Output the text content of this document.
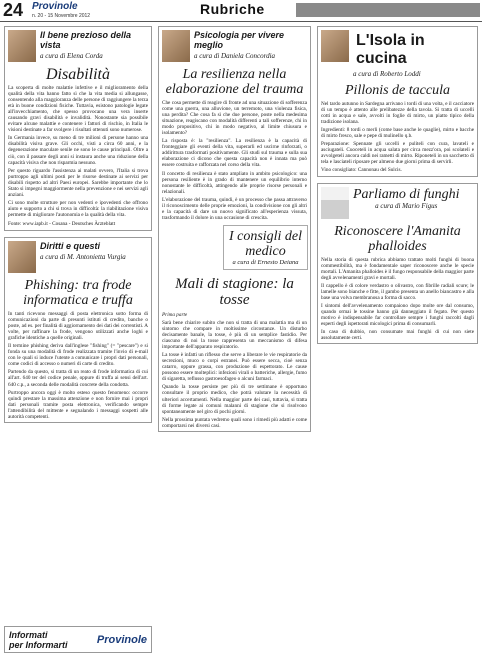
24 Provinole
n. 20 - 15 Novembre 2012	Rubriche
Il bene prezioso della vista
a cura di Elena Corda
Disabilità

La scoperta di molte malattie infettive e il miglioramento della qualità della vita hanno fatto sì che la vita media si allungasse, consentendo alla maggioranza delle persone di raggiungere la terza età in buone condizioni fisiche. Tuttavia, esistono patologie legate all'invecchiamento, che spesso provocano una vera inserte causando gravi disabilità e invalidità. Nonostante sia possibile evitare alcune malattie e contenere i fattori di rischio, in Italia le visioni destinate a far svolgere i risultati ottenuti sono numerose.

In Germania invece, su meno di tre milioni di persone hanno una disabilità visiva grave. Gli occhi, visti a circa 60 anni, e la degenerazione maculare senile ne sono le cause principali. Oltre a ciò, con il passare degli anni si instaura anche una riduzione della capacità visiva che non risparmia nessuno.

Per questo riguardo l'assistenza ai malati ovvero, l'Italia si trova purtroppo agli ultimi posti per le risorse destinate ai servizi per disabili rispetto ad altri Paesi europei. Sarebbe importante che lo Stato si impegni maggiormente nella prevenzione e nei servizi agli anziani.

Ci sono molte strutture per non vedenti e ipovedenti che offrono aiuto e supporto a chi si trova in difficoltà: la riabilitazione visiva permette di migliorare l'autonomia e la qualità della vita.

Fonte: www.iapb.it - Cosana - Deutsches Ärzteblatt
Diritti e questi
a cura di M. Antonietta Vurgia
Phishing: tra frode informatica e truffa

In tanti ricevono messaggi di posta elettronica sotto forma di comunicazioni da parte di presunti istituti di credito, banche o poste, ad es. per finalità di aggiornamento dei dati dei correntisti. A volte, per raffinare la frode, vengono utilizzati anche loghi e grafiche identiche a quelle originali.

Il termine phishing deriva dall'inglese "fishing" (= "pescare") e si fonda su una modalità di frode realizzata tramite l'invio di e-mail con le quali si induce l'utente a comunicare i propri dati personali, come codici di accesso o numeri di carte di credito.

Partendo da questo, si tratta di un reato di frode informatica di cui all'art. 640 ter del codice penale, oppure di truffa ai sensi dell'art. 640 c.p., a seconda delle modalità concrete della condotta.

Purtroppo ancora oggi è molto esteso questo fenomeno: occorre quindi prestare la massima attenzione e non fornire mai i propri dati personali tramite posta elettronica, verificando sempre l'attendibilità del mittente e segnalando i messaggi sospetti alle autorità competenti.

Informati
per Informarti	Provinole
Psicologia per vivere meglio
a cura di Daniela Concordia
La resilienza nella elaborazione del trauma

Che cosa permette di reagire di fronte ad una situazione di sofferenza come una guerra, una alluvione, un terremoto, una violenza fisica, una perdita? Che cosa fa sì che due persone, poste nella medesima situazione, reagiscano con modalità differenti a tali sofferenze, chi in modo propositivo, chi in modo negativo, al limite chiusura e isolamento?

La risposta è: la "resilienza". La resilienza è la capacità di fronteggiare gli eventi della vita, superarli ed uscirne rinforzati, o addirittura trasformati positivamente. Gli studi sul trauma e sulla sua elaborazione ci dicono che questa capacità non è innata ma può essere costruita e rafforzata nel corso della vita.

Il concetto di resilienza è stato ampliato in ambito psicologico: una persona resiliente è in grado di mantenere un equilibrio interno nonostante le difficoltà, attingendo alle proprie risorse personali e relazionali.

L'elaborazione del trauma, quindi, è un processo che passa attraverso il riconoscimento delle proprie emozioni, la condivisione con gli altri e la capacità di dare un nuovo significato all'esperienza vissuta, trasformando il dolore in una occasione di crescita.

I consigli del medico
a cura di Ernesto Deiana
Mali di stagione: la tosse

Prima parte

Sarà bene chiarire subito che non si tratta di una malattia ma di un sintomo che compare in moltissime circostanze. Un disturbo decisamente banale, la tosse, è più di un semplice fastidio. Per ciascuno di noi la tosse rappresenta un meccanismo di difesa importante dell'apparato respiratorio.

La tosse è infatti un riflesso che serve a liberare le vie respiratorie da secrezioni, muco o corpi estranei. Può essere secca, cioè senza catarro, oppure grassa, con produzione di espettorato. Le cause possono essere molteplici: infezioni virali o batteriche, allergie, fumo di sigaretta, reflusso gastroesofageo o alcuni farmaci.

Quando la tosse persiste per più di tre settimane è opportuno consultare il proprio medico, che potrà valutare la necessità di ulteriori accertamenti. Nella maggior parte dei casi, tuttavia, si tratta di forme legate ai comuni malanni di stagione che si risolvono spontaneamente nel giro di pochi giorni.

Nella prossima puntata vedremo quali sono i rimedi più adatti e come comportarsi nei diversi casi.

L'Isola in cucina
a cura di Roberto Loddi
Pillonis de taccula

Nel tardo autunno in Sardegna arrivano i tordi di una volta, e il cacciatore di un tempo è attento alle prelibatezze della tavola. Si tratta di uccelli cotti in acqua e sale, avvolti in foglie di mirto, un piatto tipico della tradizione isolana.

Ingredienti: 8 tordi o merli (come base anche le quaglie), mirto e bacche di mirto fresco, sale e pepe di mulinello q.b.

Preparazione: Spennate gli uccelli e puliteli con cura, lavateli e asciugateli. Cuoceteli in acqua salata per circa mezz'ora, poi scolateli e avvolgeteli ancora caldi nei rametti di mirto. Riponeteli in un sacchetto di tela e lasciateli riposare per almeno due giorni prima di servirli.

Vino consigliato: Cannonau del Sulcis.

Parliamo di funghi
a cura di Mario Figus
Riconoscere l'Amanita phalloides

Nella storia di questa rubrica abbiamo trattato molti funghi di buona commestibilità, ma è fondamentale saper riconoscere anche le specie mortali. L'Amanita phalloides è il fungo responsabile della maggior parte degli avvelenamenti gravi e mortali.

Il cappello è di colore verdastro o olivastro, con fibrille radiali scure; le lamelle sono bianche e fitte, il gambo presenta un anello biancastro e alla base una volva membranosa a forma di sacco.

I sintomi dell'avvelenamento compaiono dopo molte ore dal consumo, quando ormai le tossine hanno già danneggiato il fegato. Per questo motivo è indispensabile far controllare sempre i funghi raccolti dagli esperti degli ispettorati micologici prima di consumarli.

In caso di dubbio, non consumate mai funghi di cui non siete assolutamente certi.
